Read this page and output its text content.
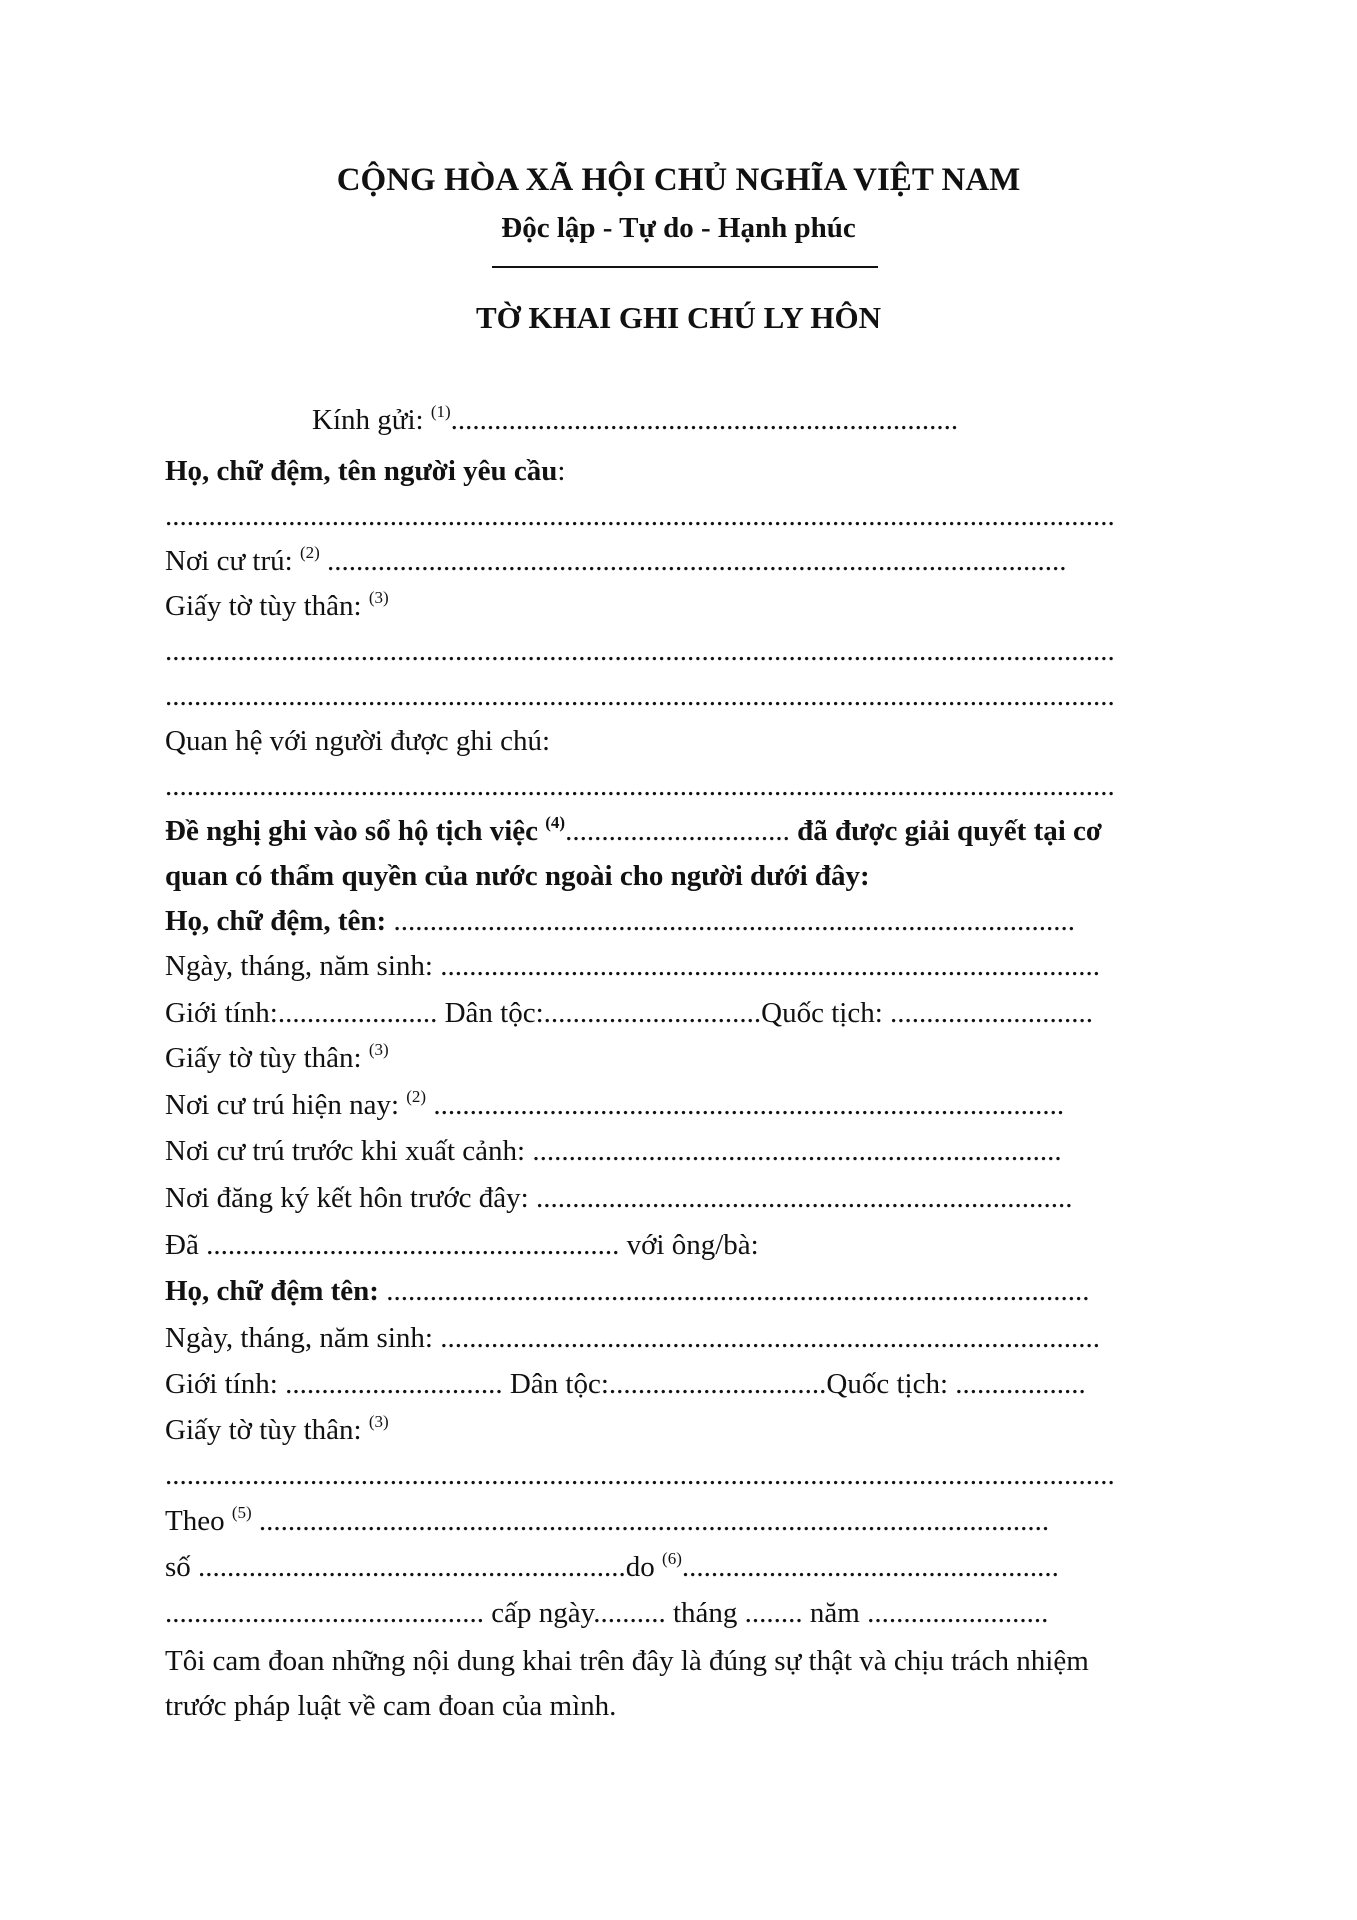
CỘNG HÒA XÃ HỘI CHỦ NGHĨA VIỆT NAM
Độc lập - Tự do - Hạnh phúc
TỜ KHAI GHI CHÚ LY HÔN
Kính gửi: $^{(1)}$......................................................................
Họ, chữ đệm, tên người yêu cầu:
...................................................................................................................................
Nơi cư trú: $^{(2)}$ ......................................................................................................
Giấy tờ tùy thân: $^{(3)}$
...................................................................................................................................
...................................................................................................................................
Quan hệ với người được ghi chú:
...................................................................................................................................
Đề nghị ghi vào sổ hộ tịch việc $^{(4)}$............................... đã được giải quyết tại cơ
quan có thẩm quyền của nước ngoài cho người dưới đây:
Họ, chữ đệm, tên: ..............................................................................................
Ngày, tháng, năm sinh: ...........................................................................................
Giới tính:...................... Dân tộc:..............................Quốc tịch: ............................
Giấy tờ tùy thân: $^{(3)}$
Nơi cư trú hiện nay: $^{(2)}$ .......................................................................................
Nơi cư trú trước khi xuất cảnh: .........................................................................
Nơi đăng ký kết hôn trước đây: ..........................................................................
Đã ......................................................... với ông/bà:
Họ, chữ đệm tên: .................................................................................................
Ngày, tháng, năm sinh: ...........................................................................................
Giới tính: .............................. Dân tộc:..............................Quốc tịch: ..................
Giấy tờ tùy thân: $^{(3)}$
...................................................................................................................................
Theo $^{(5)}$ .............................................................................................................
số ...........................................................do $^{(6)}$....................................................
............................................ cấp ngày.......... tháng ........ năm .........................
Tôi cam đoan những nội dung khai trên đây là đúng sự thật và chịu trách nhiệm
trước pháp luật về cam đoan của mình.
